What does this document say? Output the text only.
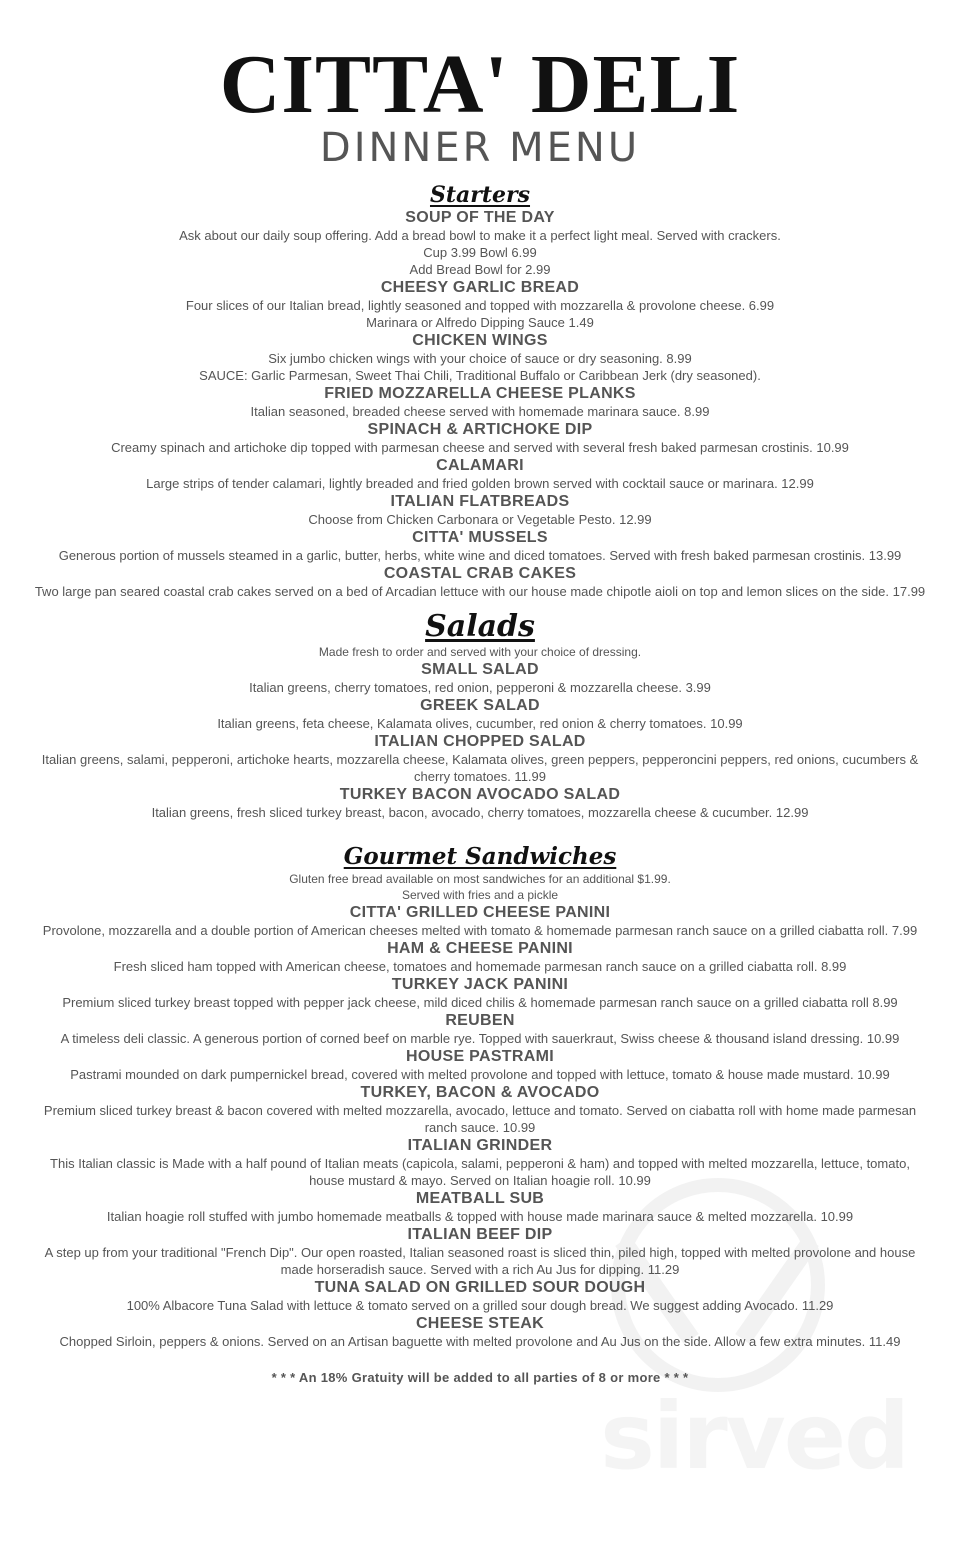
sirved
CITTA' DELI
DINNER MENU
Starters
SOUP OF THE DAY
Ask about our daily soup offering. Add a bread bowl to make it a perfect light meal. Served with crackers.
Cup 3.99 Bowl 6.99
Add Bread Bowl for 2.99
CHEESY GARLIC BREAD
Four slices of our Italian bread, lightly seasoned and topped with mozzarella & provolone cheese. 6.99
Marinara or Alfredo Dipping Sauce 1.49
CHICKEN WINGS
Six jumbo chicken wings with your choice of sauce or dry seasoning. 8.99
SAUCE: Garlic Parmesan, Sweet Thai Chili, Traditional Buffalo or Caribbean Jerk (dry seasoned).
FRIED MOZZARELLA CHEESE PLANKS
Italian seasoned, breaded cheese served with homemade marinara sauce. 8.99
SPINACH & ARTICHOKE DIP
Creamy spinach and artichoke dip topped with parmesan cheese and served with several fresh baked parmesan crostinis. 10.99
CALAMARI
Large strips of tender calamari, lightly breaded and fried golden brown served with cocktail sauce or marinara. 12.99
ITALIAN FLATBREADS
Choose from Chicken Carbonara or Vegetable Pesto. 12.99
CITTA' MUSSELS
Generous portion of mussels steamed in a garlic, butter, herbs, white wine and diced tomatoes. Served with fresh baked parmesan crostinis. 13.99
COASTAL CRAB CAKES
Two large pan seared coastal crab cakes served on a bed of Arcadian lettuce with our house made chipotle aioli on top and lemon slices on the side. 17.99
Salads
Made fresh to order and served with your choice of dressing.
SMALL SALAD
Italian greens, cherry tomatoes, red onion, pepperoni & mozzarella cheese. 3.99
GREEK SALAD
Italian greens, feta cheese, Kalamata olives, cucumber, red onion & cherry tomatoes. 10.99
ITALIAN CHOPPED SALAD
Italian greens, salami, pepperoni, artichoke hearts, mozzarella cheese, Kalamata olives, green peppers, pepperoncini peppers, red onions, cucumbers & cherry tomatoes. 11.99
TURKEY BACON AVOCADO SALAD
Italian greens, fresh sliced turkey breast, bacon, avocado, cherry tomatoes, mozzarella cheese & cucumber. 12.99
Gourmet Sandwiches
Gluten free bread available on most sandwiches for an additional $1.99.
Served with fries and a pickle
CITTA' GRILLED CHEESE PANINI
Provolone, mozzarella and a double portion of American cheeses melted with tomato & homemade parmesan ranch sauce on a grilled ciabatta roll. 7.99
HAM & CHEESE PANINI
Fresh sliced ham topped with American cheese, tomatoes and homemade parmesan ranch sauce on a grilled ciabatta roll. 8.99
TURKEY JACK PANINI
Premium sliced turkey breast topped with pepper jack cheese, mild diced chilis & homemade parmesan ranch sauce on a grilled ciabatta roll 8.99
REUBEN
A timeless deli classic. A generous portion of corned beef on marble rye. Topped with sauerkraut, Swiss cheese & thousand island dressing. 10.99
HOUSE PASTRAMI
Pastrami mounded on dark pumpernickel bread, covered with melted provolone and topped with lettuce, tomato & house made mustard. 10.99
TURKEY, BACON & AVOCADO
Premium sliced turkey breast & bacon covered with melted mozzarella, avocado, lettuce and tomato. Served on ciabatta roll with home made parmesan ranch sauce. 10.99
ITALIAN GRINDER
This Italian classic is Made with a half pound of Italian meats (capicola, salami, pepperoni & ham) and topped with melted mozzarella, lettuce, tomato, house mustard & mayo. Served on Italian hoagie roll. 10.99
MEATBALL SUB
Italian hoagie roll stuffed with jumbo homemade meatballs & topped with house made marinara sauce & melted mozzarella. 10.99
ITALIAN BEEF DIP
A step up from your traditional "French Dip". Our open roasted, Italian seasoned roast is sliced thin, piled high, topped with melted provolone and house made horseradish sauce. Served with a rich Au Jus for dipping. 11.29
TUNA SALAD ON GRILLED SOUR DOUGH
100% Albacore Tuna Salad with lettuce & tomato served on a grilled sour dough bread. We suggest adding Avocado. 11.29
CHEESE STEAK
Chopped Sirloin, peppers & onions. Served on an Artisan baguette with melted provolone and Au Jus on the side. Allow a few extra minutes. 11.49
* * * An 18% Gratuity will be added to all parties of 8 or more * * *
